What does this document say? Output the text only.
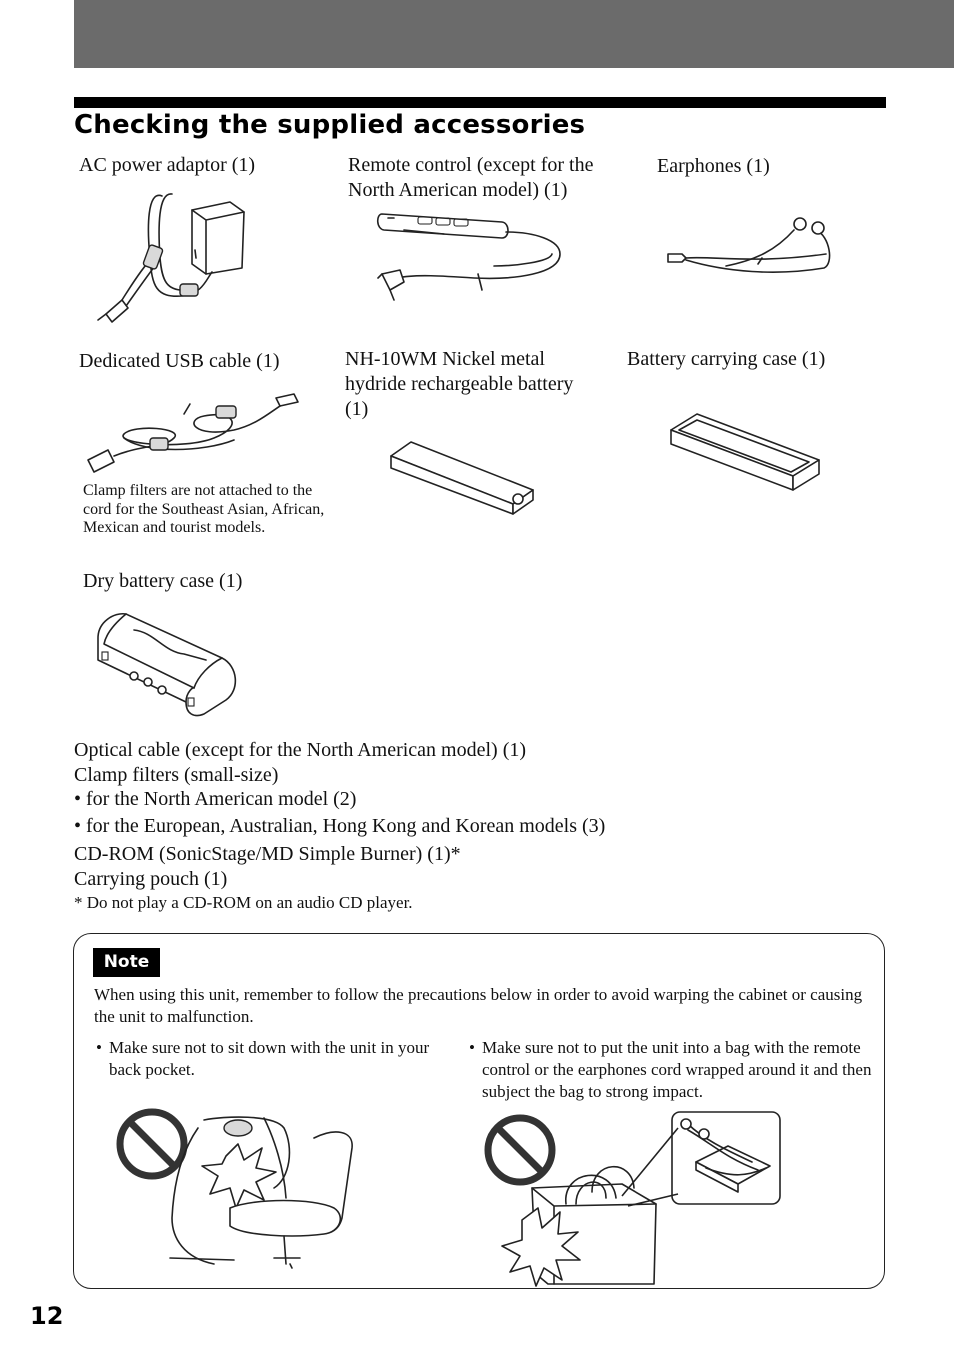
Checking the supplied accessories

AC power adaptor (1)	Remote control (except for the North American model) (1)

Earphones (1)

Dedicated USB cable (1)	NH-10WM Nickel metal hydride rechargeable battery (1)

Battery carrying case (1)

Clamp filters are not attached to the cord for the Southeast Asian, African, Mexican and tourist models.

Dry battery case (1)

Optical cable (except for the North American model) (1)

Clamp filters (small-size)

• for the North American model (2)

• for the European, Australian, Hong Kong and Korean models (3)

CD-ROM (SonicStage/MD Simple Burner) (1)*

Carrying pouch (1)

* Do not play a CD-ROM on an audio CD player.

Note

When using this unit, remember to follow the precautions below in order to avoid warping the cabinet or causing the unit to malfunction.

• Make sure not to sit down with the unit in your back pocket.

• Make sure not to put the unit into a bag with the remote control or the earphones cord wrapped around it and then subject the bag to strong impact.

12
